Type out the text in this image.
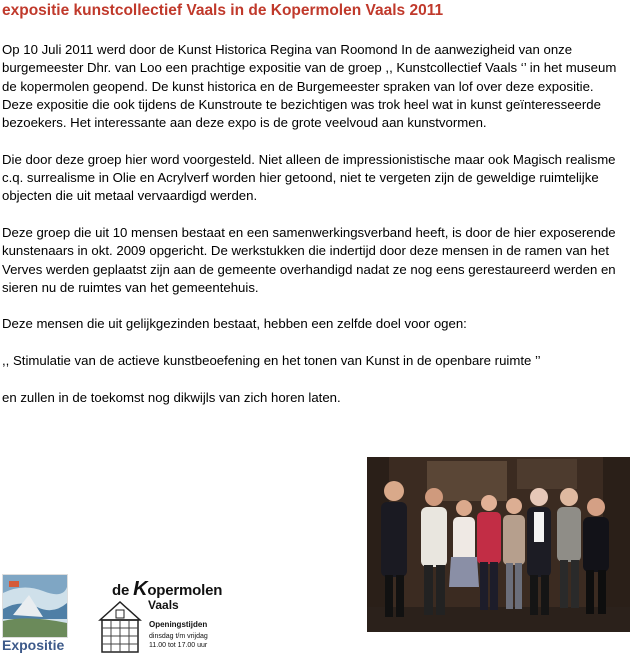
expositie kunstcollectief Vaals in de Kopermolen Vaals 2011

Op 10 Juli 2011 werd door de Kunst Historica Regina van Roomond In de aanwezigheid van onze burgemeester Dhr. van Loo een prachtige expositie van de groep ,, Kunstcollectief Vaals ‘’ in het museum de kopermolen geopend. De kunst historica en de Burgemeester spraken van lof over deze expositie.
Deze expositie die ook tijdens de Kunstroute te bezichtigen was trok heel wat in kunst geïnteresseerde bezoekers. Het interessante aan deze expo is de grote veelvoud aan kunstvormen.

Die door deze groep hier word voorgesteld. Niet alleen de impressionistische maar ook Magisch realisme c.q. surrealisme in Olie en Acrylverf worden hier getoond, niet te vergeten zijn de geweldige ruimtelijke objecten die uit metaal vervaardigd werden.

Deze groep die uit 10 mensen bestaat en een samenwerkingsverband heeft, is door de hier exposerende kunstenaars in okt. 2009 opgericht. De werkstukken die indertijd door deze mensen in de ramen van het Verves werden geplaatst zijn aan de gemeente overhandigd nadat ze nog eens gerestaureerd werden en sieren nu de ruimtes van het gemeentehuis.

Deze mensen die uit gelijkgezinden bestaat, hebben een zelfde doel voor ogen:

,, Stimulatie van de actieve kunstbeoefening en het tonen van Kunst in de openbare ruimte ’’

en zullen in de toekomst nog dikwijls van zich horen laten.

Expositie
de Kopermolen
Vaals
Openingstijden
dinsdag t/m vrijdag
11.00 tot 17.00 uur
